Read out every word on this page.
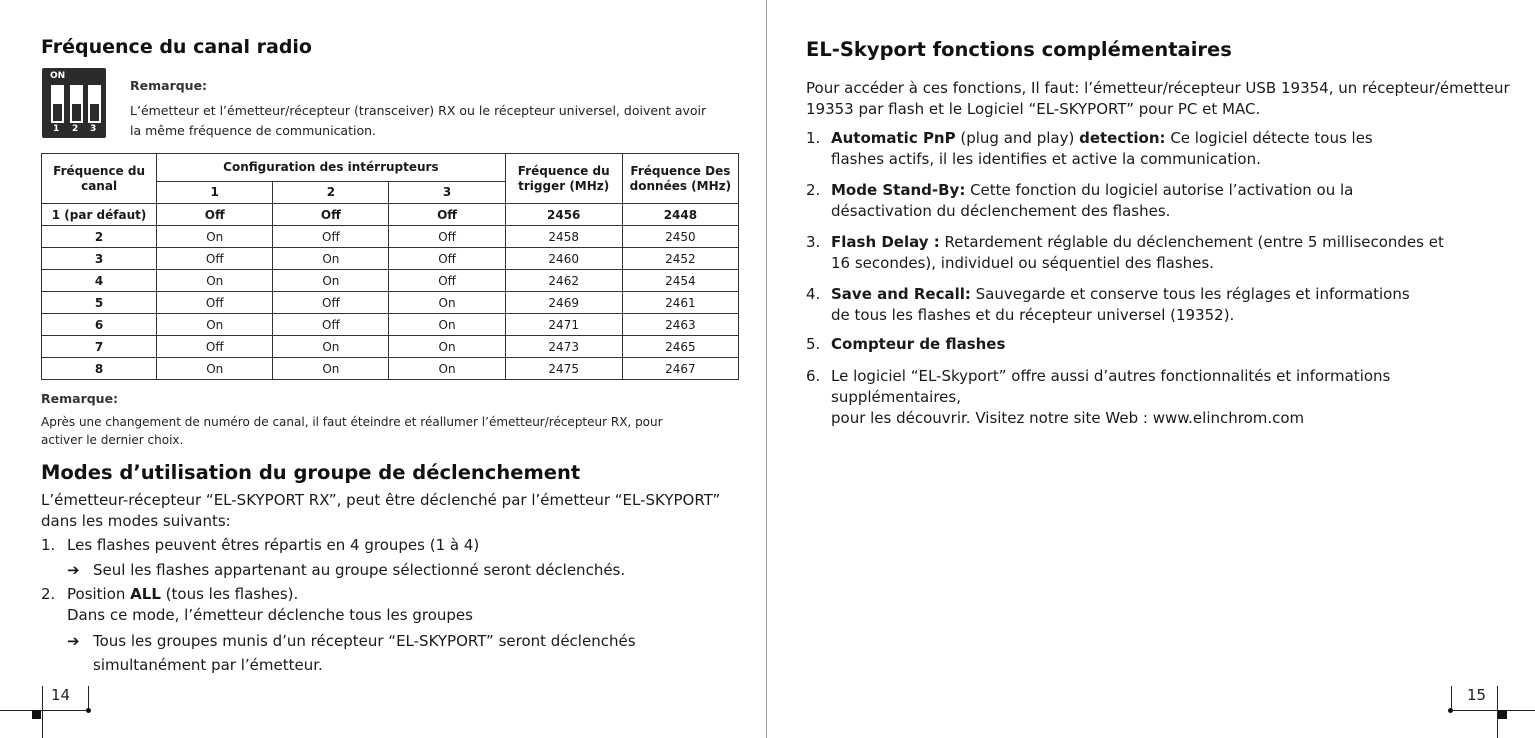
Fréquence du canal radio
ON
1 2 3
Remarque:
L’émetteur et l’émetteur/récepteur (transceiver) RX ou le récepteur universel, doivent avoir
la même fréquence de communication.
Fréquence du canal	Configuration des intérrupteurs			Fréquence du trigger (MHz)	Fréquence Des données (MHz)
	1	2	3		
1 (par défaut)	Off	Off	Off	2456	2448
2	On	Off	Off	2458	2450
3	Off	On	Off	2460	2452
4	On	On	Off	2462	2454
5	Off	Off	On	2469	2461
6	On	Off	On	2471	2463
7	Off	On	On	2473	2465
8	On	On	On	2475	2467
Remarque:
Après une changement de numéro de canal, il faut éteindre et réallumer l’émetteur/récepteur RX, pour
activer le dernier choix.
Modes d’utilisation du groupe de déclenchement
L’émetteur-récepteur “EL-SKYPORT RX”, peut être déclenché par l’émetteur “EL-SKYPORT”
dans les modes suivants:
1. Les flashes peuvent êtres répartis en 4 groupes (1 à 4)
➔ Seul les flashes appartenant au groupe sélectionné seront déclenchés.
2. Position ALL (tous les flashes).
Dans ce mode, l’émetteur déclenche tous les groupes
➔ Tous les groupes munis d’un récepteur “EL-SKYPORT” seront déclenchés
simultanément par l’émetteur.
14
EL-Skyport fonctions complémentaires
Pour accéder à ces fonctions, Il faut: l’émetteur/récepteur USB 19354, un récepteur/émetteur
19353 par flash et le Logiciel “EL-SKYPORT” pour PC et MAC.
15
1. Automatic PnP (plug and play) detection: Ce logiciel détecte tous les
flashes actifs, il les identifies et active la communication.
2. Mode Stand-By: Cette fonction du logiciel autorise l’activation ou la
désactivation du déclenchement des flashes.
3. Flash Delay : Retardement réglable du déclenchement (entre 5 millisecondes et
16 secondes), individuel ou séquentiel des flashes.
4. Save and Recall: Sauvegarde et conserve tous les réglages et informations
de tous les flashes et du récepteur universel (19352).
5. Compteur de flashes
6. Le logiciel “EL-Skyport” offre aussi d’autres fonctionnalités et informations supplémentaires,
pour les découvrir. Visitez notre site Web : www.elinchrom.com
